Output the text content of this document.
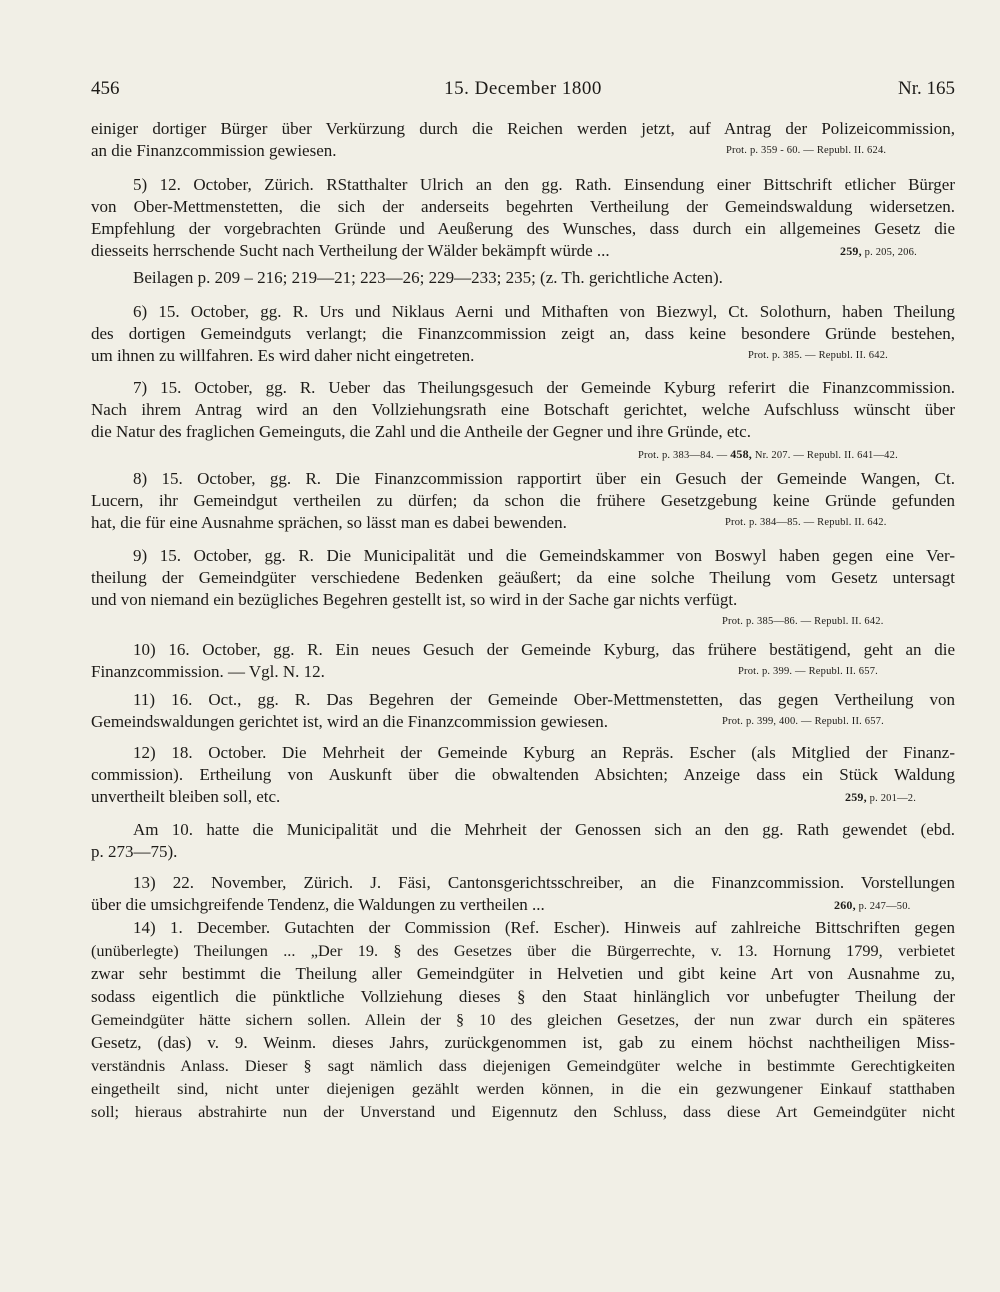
456	15. December 1800	Nr. 165
einiger dortiger Bürger über Verkürzung durch die Reichen werden jetzt, auf Antrag der Polizeicommission,
an die Finanzcommission gewiesen.	Prot. p. 359 - 60. — Republ. II. 624.
5) 12. October, Zürich. RStatthalter Ulrich an den gg. Rath. Einsendung einer Bittschrift etlicher Bürger
von Ober-Mettmenstetten, die sich der anderseits begehrten Vertheilung der Gemeindswaldung widersetzen.
Empfehlung der vorgebrachten Gründe und Aeußerung des Wunsches, dass durch ein allgemeines Gesetz die
diesseits herrschende Sucht nach Vertheilung der Wälder bekämpft würde ...	259, p. 205, 206.
Beilagen p. 209 – 216; 219—21; 223—26; 229—233; 235; (z. Th. gerichtliche Acten).
6) 15. October, gg. R. Urs und Niklaus Aerni und Mithaften von Biezwyl, Ct. Solothurn, haben Theilung
des dortigen Gemeindguts verlangt; die Finanzcommission zeigt an, dass keine besondere Gründe bestehen,
um ihnen zu willfahren. Es wird daher nicht eingetreten.	Prot. p. 385. — Republ. II. 642.
7) 15. October, gg. R. Ueber das Theilungsgesuch der Gemeinde Kyburg referirt die Finanzcommission.
Nach ihrem Antrag wird an den Vollziehungsrath eine Botschaft gerichtet, welche Aufschluss wünscht über
die Natur des fraglichen Gemeinguts, die Zahl und die Antheile der Gegner und ihre Gründe, etc.
Prot. p. 383—84. — 458, Nr. 207. — Republ. II. 641—42.
8) 15. October, gg. R. Die Finanzcommission rapportirt über ein Gesuch der Gemeinde Wangen, Ct.
Lucern, ihr Gemeindgut vertheilen zu dürfen; da schon die frühere Gesetzgebung keine Gründe gefunden
hat, die für eine Ausnahme sprächen, so lässt man es dabei bewenden.	Prot. p. 384—85. — Republ. II. 642.
9) 15. October, gg. R. Die Municipalität und die Gemeindskammer von Boswyl haben gegen eine Ver-
theilung der Gemeindgüter verschiedene Bedenken geäußert; da eine solche Theilung vom Gesetz untersagt
und von niemand ein bezügliches Begehren gestellt ist, so wird in der Sache gar nichts verfügt.
Prot. p. 385—86. — Republ. II. 642.
10) 16. October, gg. R. Ein neues Gesuch der Gemeinde Kyburg, das frühere bestätigend, geht an die
Finanzcommission. — Vgl. N. 12.	Prot. p. 399. — Republ. II. 657.
11) 16. Oct., gg. R. Das Begehren der Gemeinde Ober-Mettmenstetten, das gegen Vertheilung von
Gemeindswaldungen gerichtet ist, wird an die Finanzcommission gewiesen.	Prot. p. 399, 400. — Republ. II. 657.
12) 18. October. Die Mehrheit der Gemeinde Kyburg an Repräs. Escher (als Mitglied der Finanz-
commission). Ertheilung von Auskunft über die obwaltenden Absichten; Anzeige dass ein Stück Waldung
unvertheilt bleiben soll, etc.	259, p. 201—2.
Am 10. hatte die Municipalität und die Mehrheit der Genossen sich an den gg. Rath gewendet (ebd.
p. 273—75).
13) 22. November, Zürich. J. Fäsi, Cantonsgerichtsschreiber, an die Finanzcommission. Vorstellungen
über die umsichgreifende Tendenz, die Waldungen zu vertheilen ...	260, p. 247—50.
14) 1. December. Gutachten der Commission (Ref. Escher). Hinweis auf zahlreiche Bittschriften gegen
(unüberlegte) Theilungen ... „Der 19. § des Gesetzes über die Bürgerrechte, v. 13. Hornung 1799, verbietet
zwar sehr bestimmt die Theilung aller Gemeindgüter in Helvetien und gibt keine Art von Ausnahme zu,
sodass eigentlich die pünktliche Vollziehung dieses § den Staat hinlänglich vor unbefugter Theilung der
Gemeindgüter hätte sichern sollen. Allein der § 10 des gleichen Gesetzes, der nun zwar durch ein späteres
Gesetz, (das) v. 9. Weinm. dieses Jahrs, zurückgenommen ist, gab zu einem höchst nachtheiligen Miss-
verständnis Anlass. Dieser § sagt nämlich dass diejenigen Gemeindgüter welche in bestimmte Gerechtigkeiten
eingetheilt sind, nicht unter diejenigen gezählt werden können, in die ein gezwungener Einkauf statthaben
soll; hieraus abstrahirte nun der Unverstand und Eigennutz den Schluss, dass diese Art Gemeindgüter nicht
